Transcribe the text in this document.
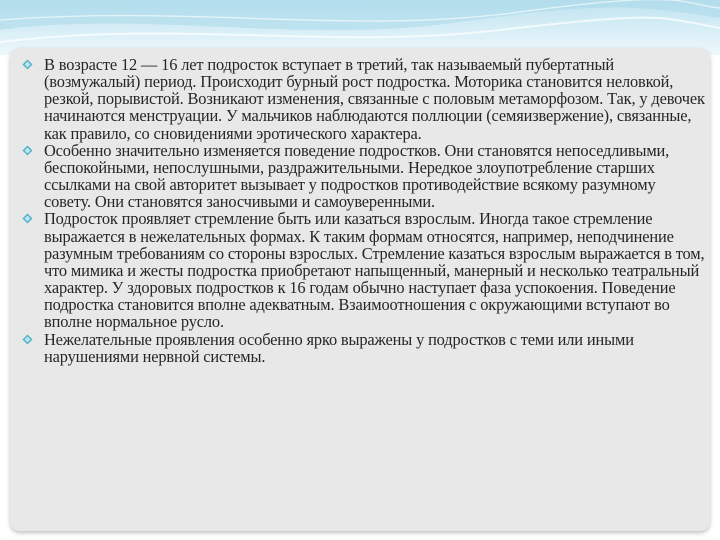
В возрасте 12 — 16 лет подросток вступает в третий, так называемый пубертатный (возмужалый) период. Происходит бурный рост подростка. Моторика становится неловкой, резкой, порывистой. Возникают изменения, связанные с половым метаморфозом. Так, у девочек начинаются менструации. У мальчиков наблюдаются поллюции (семяизвержение), связанные, как правило, со сновидениями эротического характера.
Особенно значительно изменяется поведение подростков. Они становятся непоседливыми, беспокойными, непослушными, раздражительными. Нередкое злоупотребление старших ссылками на свой авторитет вызывает у подростков противодействие всякому разумному совету. Они становятся заносчивыми и самоуверенными.
Подросток проявляет стремление быть или казаться взрослым. Иногда такое стремление выражается в нежелательных формах. К таким формам относятся, например, неподчинение разумным требованиям со стороны взрослых. Стремление казаться взрослым выражается в том, что мимика и жесты подростка приобретают напыщенный, манерный и несколько театральный характер. У здоровых подростков к 16 годам обычно наступает фаза успокоения. Поведение подростка становится вполне адекватным. Взаимоотношения с окружающими вступают во вполне нормальное русло.
Нежелательные проявления особенно ярко выражены у подростков с теми или иными нарушениями нервной системы.
